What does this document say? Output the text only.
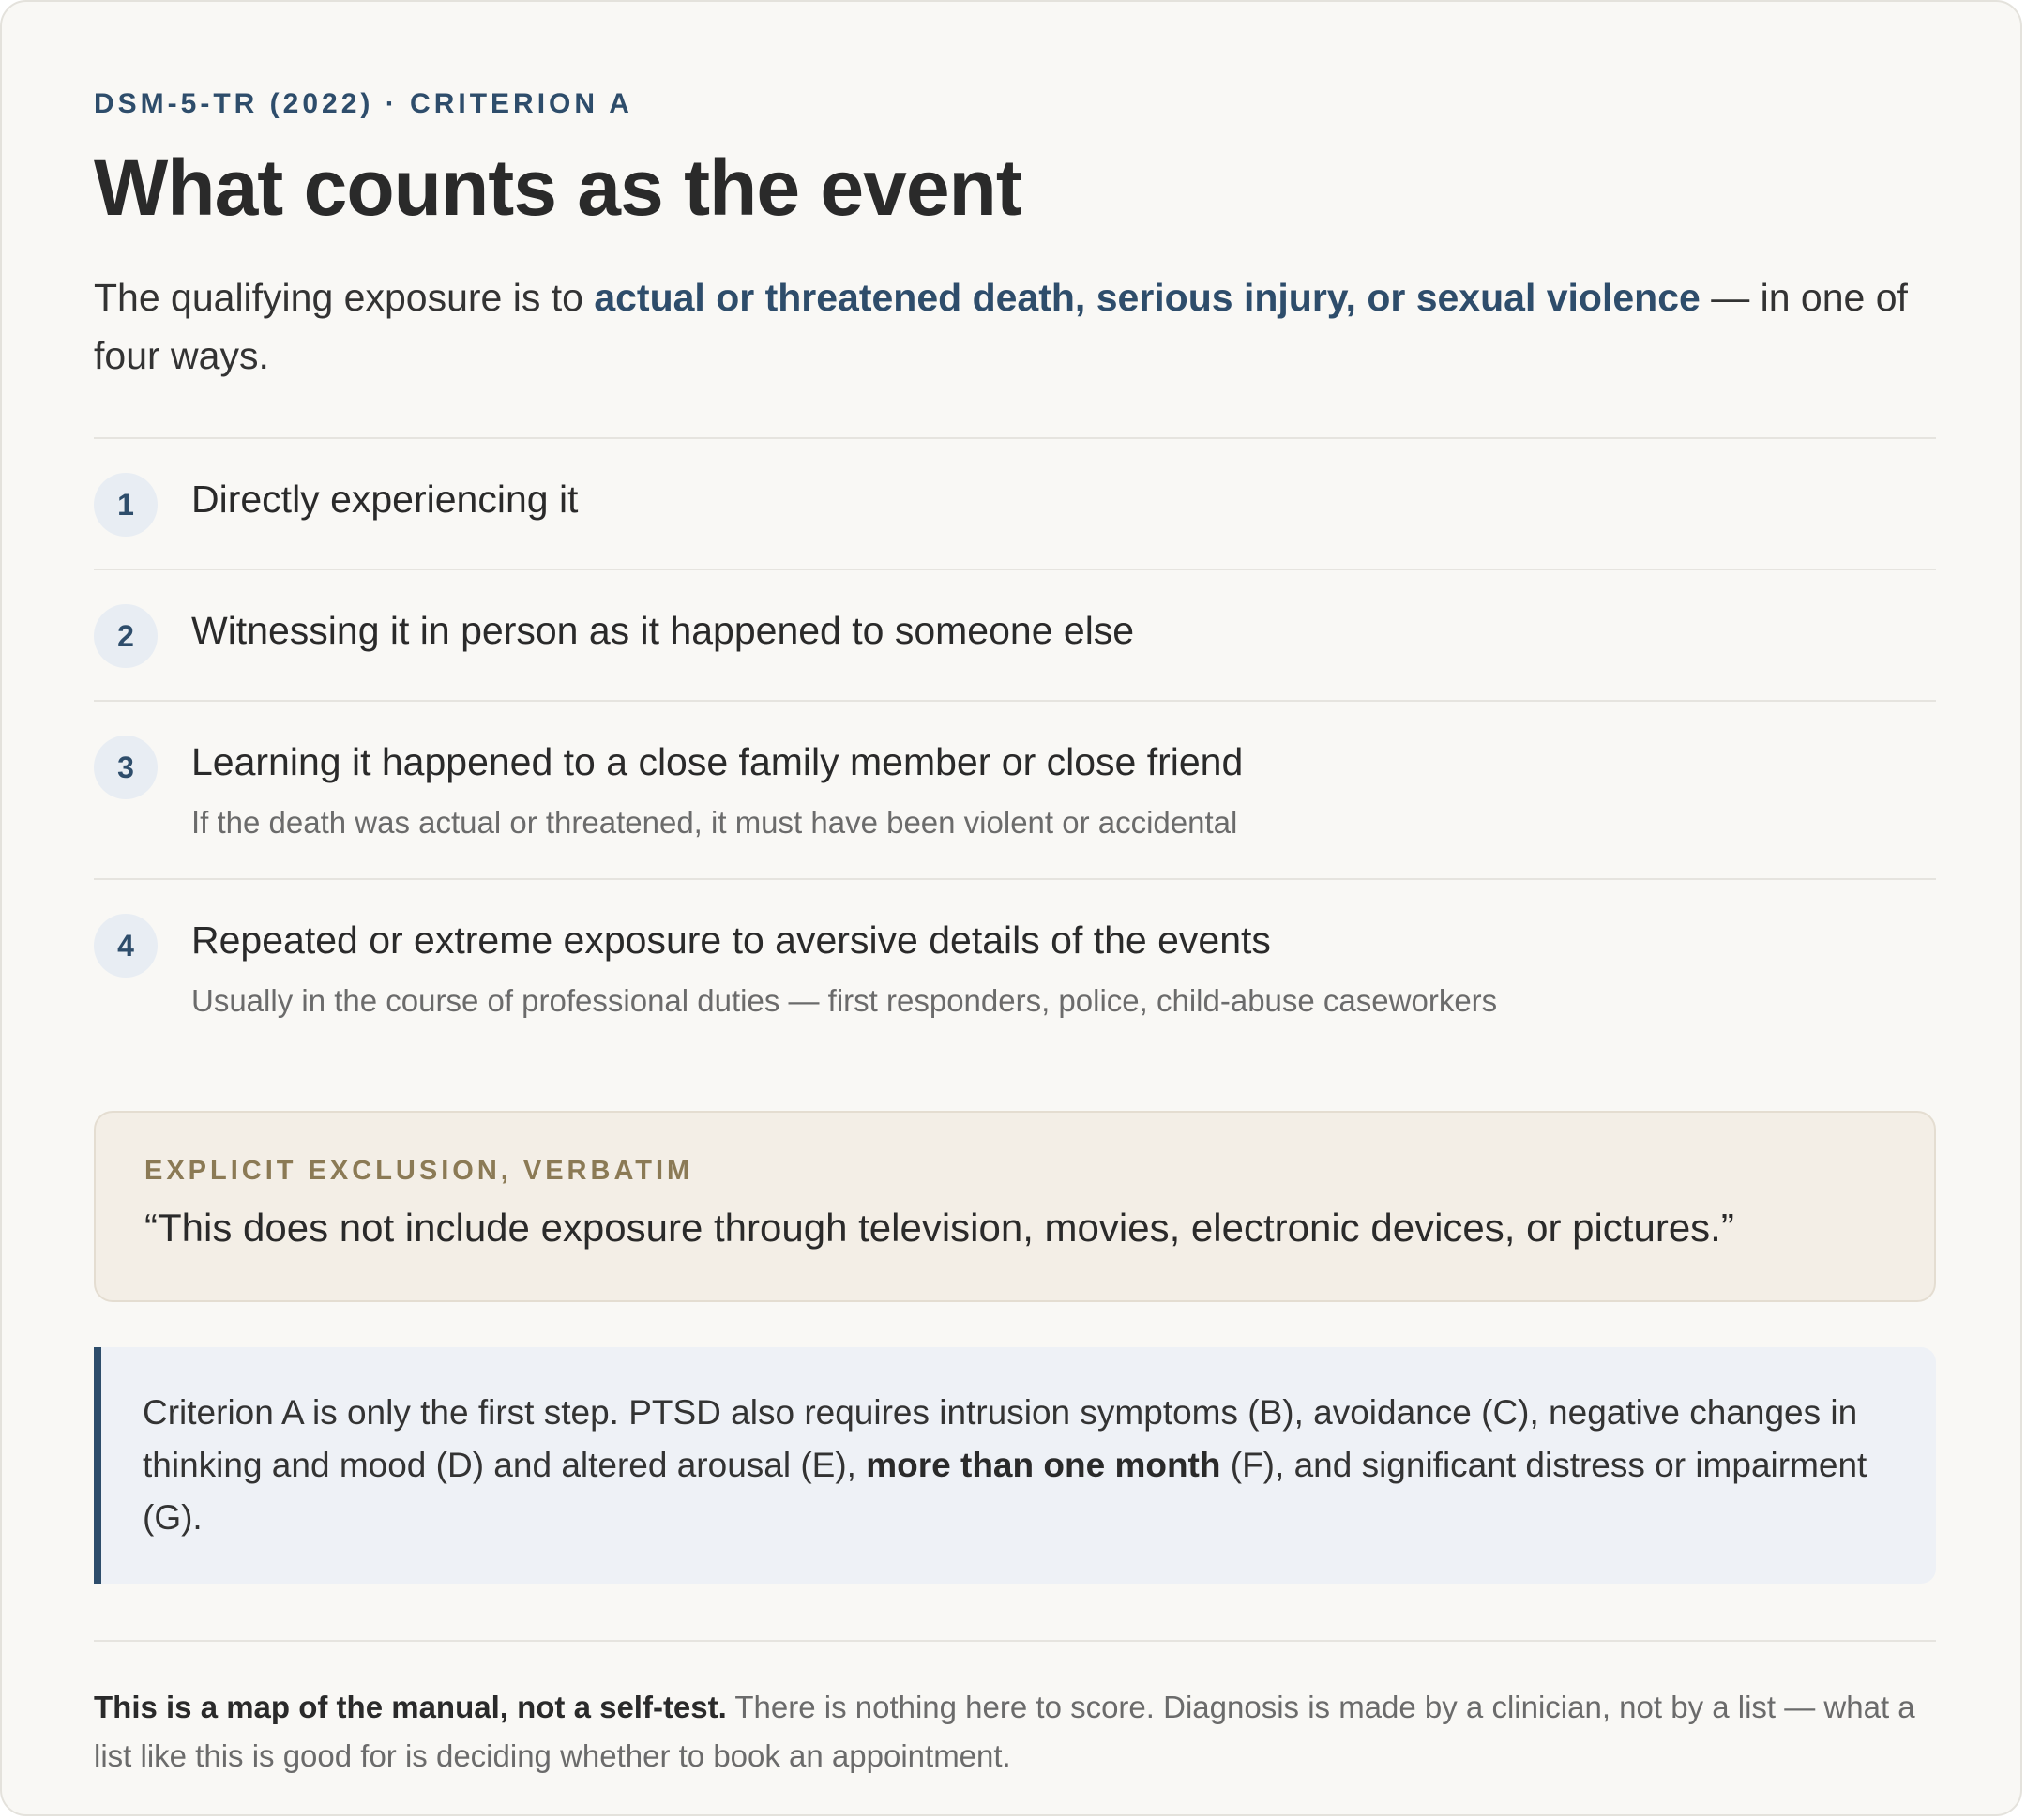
DSM-5-TR (2022) · CRITERION A
What counts as the event

The qualifying exposure is to actual or threatened death, serious injury, or sexual violence — in one of four ways.

1	Directly experiencing it
2	Witnessing it in person as it happened to someone else
3	Learning it happened to a close family member or close friend
If the death was actual or threatened, it must have been violent or accidental
4	Repeated or extreme exposure to aversive details of the events
Usually in the course of professional duties — first responders, police, child-abuse caseworkers
EXPLICIT EXCLUSION, VERBATIM
“This does not include exposure through television, movies, electronic devices, or pictures.”
Criterion A is only the first step. PTSD also requires intrusion symptoms (B), avoidance (C), negative changes in thinking and mood (D) and altered arousal (E), more than one month (F), and significant distress or impairment (G).
This is a map of the manual, not a self-test. There is nothing here to score. Diagnosis is made by a clinician, not by a list — what a list like this is good for is deciding whether to book an appointment.
